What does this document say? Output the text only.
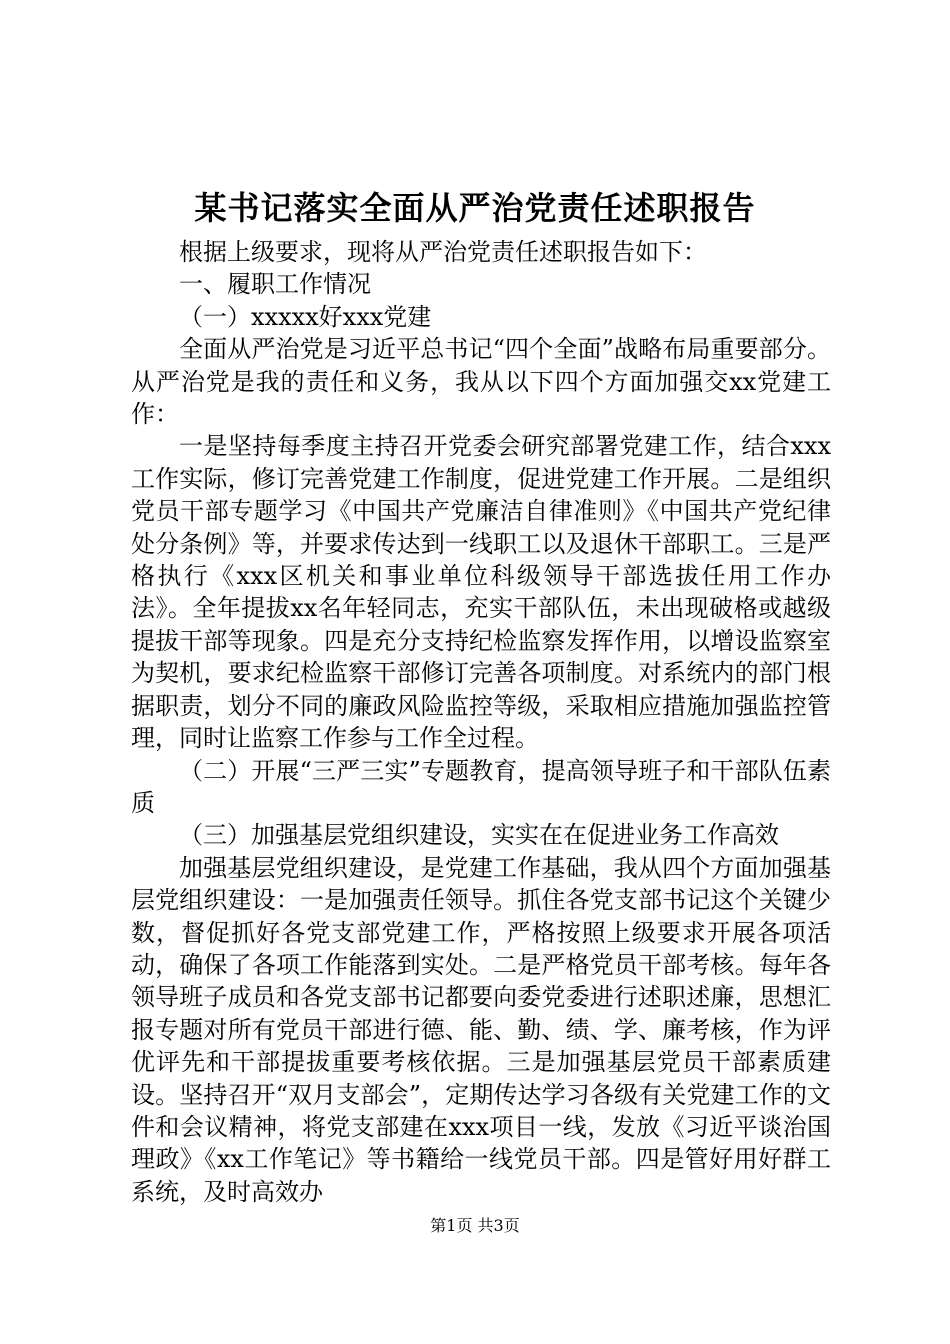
某书记落实全面从严治党责任述职报告

根据上级要求，现将从严治党责任述职报告如下：

一、履职工作情况

（一）xxxxx好xxx党建

全面从严治党是习近平总书记“四个全面”战略布局重要部分。从严治党是我的责任和义务，我从以下四个方面加强交xx党建工作：

一是坚持每季度主持召开党委会研究部署党建工作，结合xxx工作实际，修订完善党建工作制度，促进党建工作开展。二是组织党员干部专题学习《中国共产党廉洁自律准则》《中国共产党纪律处分条例》等，并要求传达到一线职工以及退休干部职工。三是严格执行《xxx区机关和事业单位科级领导干部选拔任用工作办法》。全年提拔xx名年轻同志，充实干部队伍，未出现破格或越级提拔干部等现象。四是充分支持纪检监察发挥作用，以增设监察室为契机，要求纪检监察干部修订完善各项制度。对系统内的部门根据职责，划分不同的廉政风险监控等级，采取相应措施加强监控管理，同时让监察工作参与工作全过程。

（二）开展“三严三实”专题教育，提高领导班子和干部队伍素质

（三）加强基层党组织建设，实实在在促进业务工作高效

加强基层党组织建设，是党建工作基础，我从四个方面加强基层党组织建设：一是加强责任领导。抓住各党支部书记这个关键少数，督促抓好各党支部党建工作，严格按照上级要求开展各项活动，确保了各项工作能落到实处。二是严格党员干部考核。每年各领导班子成员和各党支部书记都要向委党委进行述职述廉，思想汇报专题对所有党员干部进行德、能、勤、绩、学、廉考核，作为评优评先和干部提拔重要考核依据。三是加强基层党员干部素质建设。坚持召开“双月支部会”，定期传达学习各级有关党建工作的文件和会议精神，将党支部建在xxx项目一线，发放《习近平谈治国理政》《xx工作笔记》等书籍给一线党员干部。四是管好用好群工系统，及时高效办

第1页 共3页
